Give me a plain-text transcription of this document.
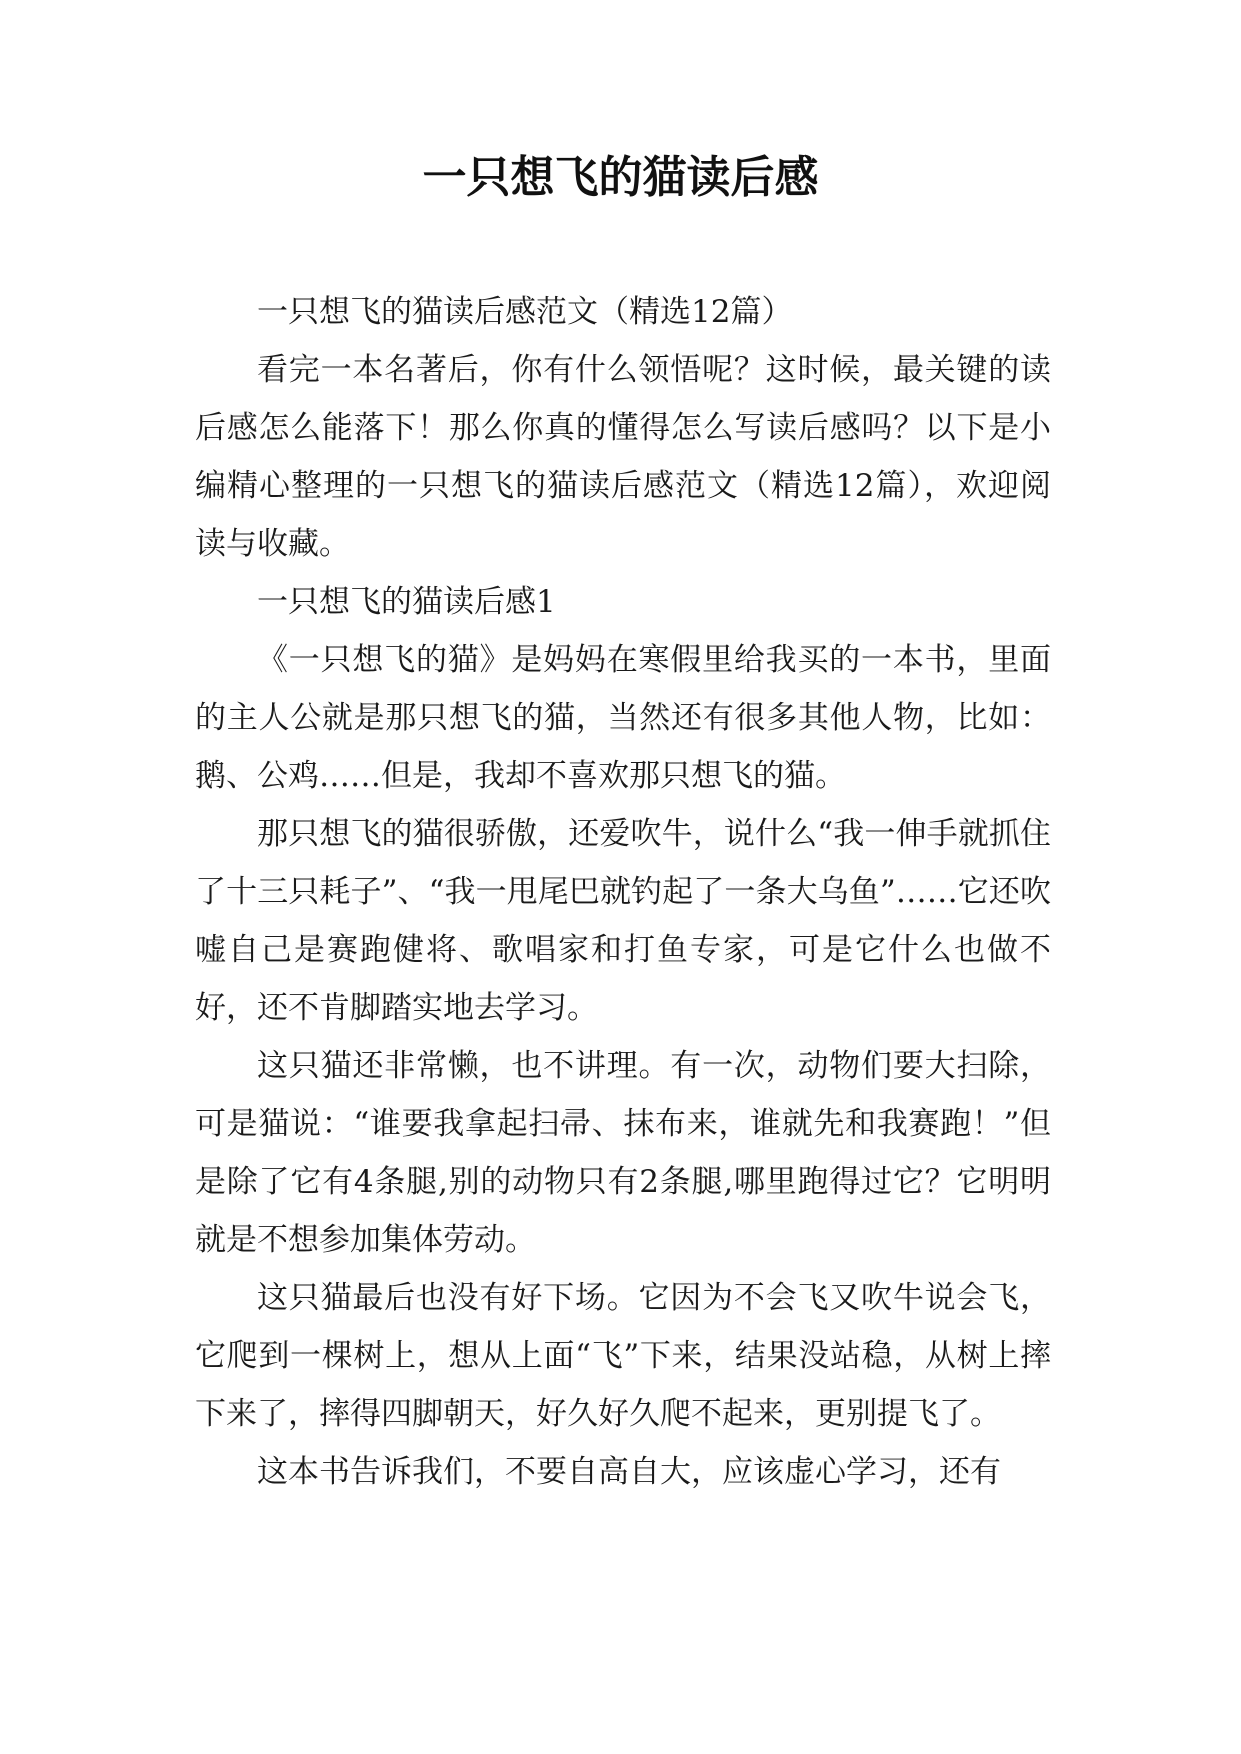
一只想飞的猫读后感

一只想飞的猫读后感范文（精选12篇）

看完一本名著后，你有什么领悟呢？这时候，最关键的读后感怎么能落下！那么你真的懂得怎么写读后感吗？以下是小编精心整理的一只想飞的猫读后感范文（精选12篇），欢迎阅读与收藏。

一只想飞的猫读后感1

《一只想飞的猫》是妈妈在寒假里给我买的一本书，里面的主人公就是那只想飞的猫，当然还有很多其他人物，比如：鹅、公鸡……但是，我却不喜欢那只想飞的猫。

那只想飞的猫很骄傲，还爱吹牛，说什么“我一伸手就抓住了十三只耗子”、“我一甩尾巴就钓起了一条大乌鱼”……它还吹嘘自己是赛跑健将、歌唱家和打鱼专家，可是它什么也做不好，还不肯脚踏实地去学习。

这只猫还非常懒，也不讲理。有一次，动物们要大扫除，可是猫说：“谁要我拿起扫帚、抹布来，谁就先和我赛跑！”但是除了它有4条腿,别的动物只有2条腿,哪里跑得过它？它明明就是不想参加集体劳动。

这只猫最后也没有好下场。它因为不会飞又吹牛说会飞，它爬到一棵树上，想从上面“飞”下来，结果没站稳，从树上摔下来了，摔得四脚朝天，好久好久爬不起来，更别提飞了。

这本书告诉我们，不要自高自大，应该虚心学习，还有
